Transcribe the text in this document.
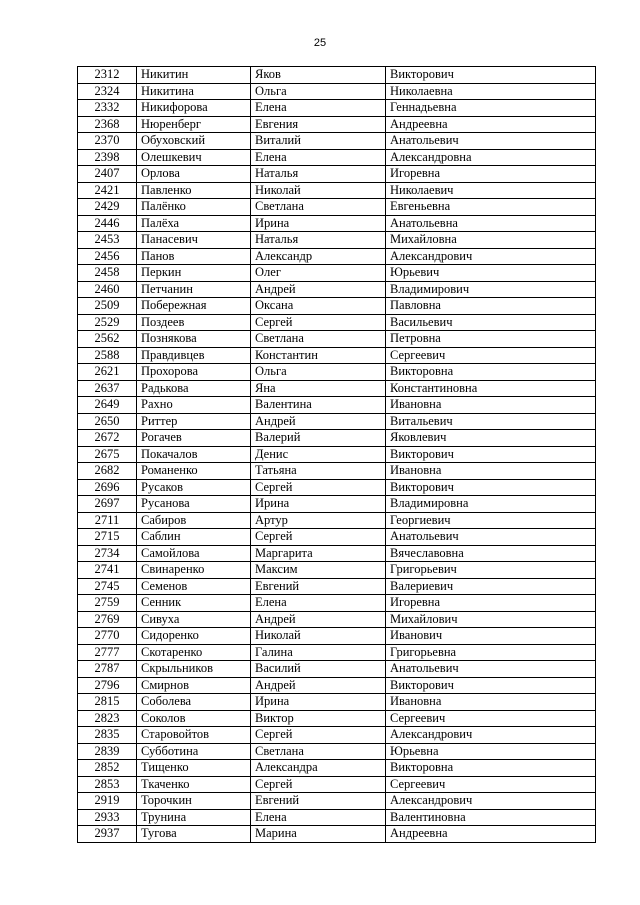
25
2312	Никитин	Яков	Викторович
2324	Никитина	Ольга	Николаевна
2332	Никифорова	Елена	Геннадьевна
2368	Нюренберг	Евгения	Андреевна
2370	Обуховский	Виталий	Анатольевич
2398	Олешкевич	Елена	Александровна
2407	Орлова	Наталья	Игоревна
2421	Павленко	Николай	Николаевич
2429	Палёнко	Светлана	Евгеньевна
2446	Палёха	Ирина	Анатольевна
2453	Панасевич	Наталья	Михайловна
2456	Панов	Александр	Александрович
2458	Перкин	Олег	Юрьевич
2460	Петчанин	Андрей	Владимирович
2509	Побережная	Оксана	Павловна
2529	Поздеев	Сергей	Васильевич
2562	Познякова	Светлана	Петровна
2588	Правдивцев	Константин	Сергеевич
2621	Прохорова	Ольга	Викторовна
2637	Радькова	Яна	Константиновна
2649	Рахно	Валентина	Ивановна
2650	Риттер	Андрей	Витальевич
2672	Рогачев	Валерий	Яковлевич
2675	Покачалов	Денис	Викторович
2682	Романенко	Татьяна	Ивановна
2696	Русаков	Сергей	Викторович
2697	Русанова	Ирина	Владимировна
2711	Сабиров	Артур	Георгиевич
2715	Саблин	Сергей	Анатольевич
2734	Самойлова	Маргарита	Вячеславовна
2741	Свинаренко	Максим	Григорьевич
2745	Семенов	Евгений	Валериевич
2759	Сенник	Елена	Игоревна
2769	Сивуха	Андрей	Михайлович
2770	Сидоренко	Николай	Иванович
2777	Скотаренко	Галина	Григорьевна
2787	Скрыльников	Василий	Анатольевич
2796	Смирнов	Андрей	Викторович
2815	Соболева	Ирина	Ивановна
2823	Соколов	Виктор	Сергеевич
2835	Старовойтов	Сергей	Александрович
2839	Субботина	Светлана	Юрьевна
2852	Тищенко	Александра	Викторовна
2853	Ткаченко	Сергей	Сергеевич
2919	Торочкин	Евгений	Александрович
2933	Трунина	Елена	Валентиновна
2937	Тугова	Марина	Андреевна
